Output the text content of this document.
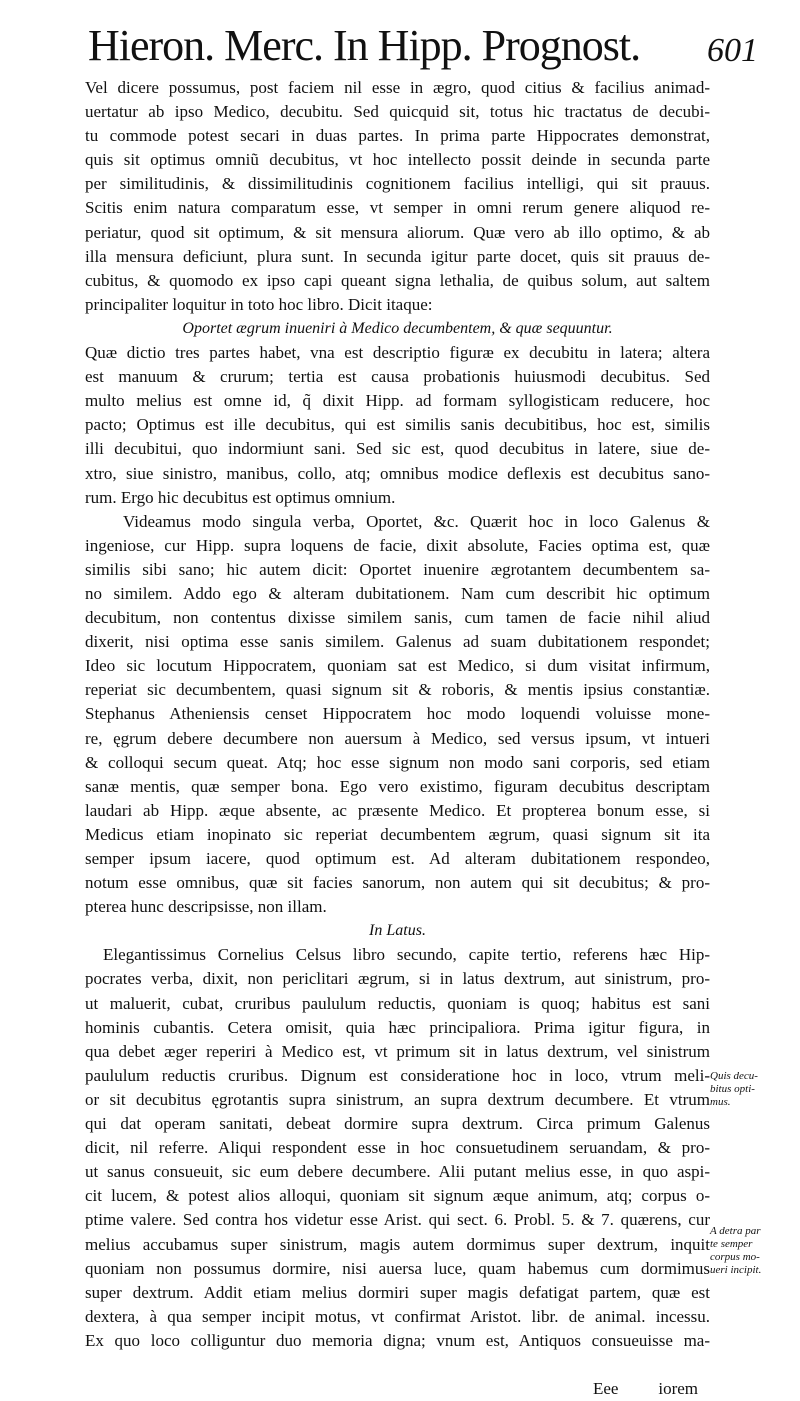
Hieron. Merc. In Hipp. Prognost. 601
Vel dicere possumus, post faciem nil esse in ægro, quod citius & facilius animad-
uertatur ab ipso Medico, decubitu. Sed quicquid sit, totus hic tractatus de decubi-
tu commode potest secari in duas partes. In prima parte Hippocrates demonstrat,
quis sit optimus omniũ decubitus, vt hoc intellecto possit deinde in secunda parte
per similitudinis, & dissimilitudinis cognitionem facilius intelligi, qui sit prauus.
Scitis enim natura comparatum esse, vt semper in omni rerum genere aliquod re-
periatur, quod sit optimum, & sit mensura aliorum. Quæ vero ab illo optimo, & ab
illa mensura deficiunt, plura sunt. In secunda igitur parte docet, quis sit prauus de-
cubitus, & quomodo ex ipso capi queant signa lethalia, de quibus solum, aut saltem
principaliter loquitur in toto hoc libro. Dicit itaque:
Oportet ægrum inueniri à Medico decumbentem, & quæ sequuntur.
Quæ dictio tres partes habet, vna est descriptio figuræ ex decubitu in latera; altera
est manuum & crurum; tertia est causa probationis huiusmodi decubitus. Sed
multo melius est omne id, q̃ dixit Hipp. ad formam syllogisticam reducere, hoc
pacto; Optimus est ille decubitus, qui est similis sanis decubitibus, hoc est, similis
illi decubitui, quo indormiunt sani. Sed sic est, quod decubitus in latere, siue de-
xtro, siue sinistro, manibus, collo, atq; omnibus modice deflexis est decubitus sano-
rum. Ergo hic decubitus est optimus omnium.
Videamus modo singula verba, Oportet, &c. Quærit hoc in loco Galenus &
ingeniose, cur Hipp. supra loquens de facie, dixit absolute, Facies optima est, quæ
similis sibi sano; hic autem dicit: Oportet inuenire ægrotantem decumbentem sa-
no similem. Addo ego & alteram dubitationem. Nam cum describit hic optimum
decubitum, non contentus dixisse similem sanis, cum tamen de facie nihil aliud
dixerit, nisi optima esse sanis similem. Galenus ad suam dubitationem respondet;
Ideo sic locutum Hippocratem, quoniam sat est Medico, si dum visitat infirmum,
reperiat sic decumbentem, quasi signum sit & roboris, & mentis ipsius constantiæ.
Stephanus Atheniensis censet Hippocratem hoc modo loquendi voluisse mone-
re, ęgrum debere decumbere non auersum à Medico, sed versus ipsum, vt intueri
& colloqui secum queat. Atq; hoc esse signum non modo sani corporis, sed etiam
sanæ mentis, quæ semper bona. Ego vero existimo, figuram decubitus descriptam
laudari ab Hipp. æque absente, ac præsente Medico. Et propterea bonum esse, si
Medicus etiam inopinato sic reperiat decumbentem ægrum, quasi signum sit ita
semper ipsum iacere, quod optimum est. Ad alteram dubitationem respondeo,
notum esse omnibus, quæ sit facies sanorum, non autem qui sit decubitus; & pro-
pterea hunc descripsisse, non illam.
In Latus.
Elegantissimus Cornelius Celsus libro secundo, capite tertio, referens hæc Hip-
pocrates verba, dixit, non periclitari ægrum, si in latus dextrum, aut sinistrum, pro-
ut maluerit, cubat, cruribus paululum reductis, quoniam is quoq; habitus est sani
hominis cubantis. Cetera omisit, quia hæc principaliora. Prima igitur figura, in
qua debet æger reperiri à Medico est, vt primum sit in latus dextrum, vel sinistrum
paululum reductis cruribus. Dignum est consideratione hoc in loco, vtrum meli-
or sit decubitus ęgrotantis supra sinistrum, an supra dextrum decumbere. Et vtrum
qui dat operam sanitati, debeat dormire supra dextrum. Circa primum Galenus
dicit, nil referre. Aliqui respondent esse in hoc consuetudinem seruandam, & pro-
ut sanus consueuit, sic eum debere decumbere. Alii putant melius esse, in quo aspi-
cit lucem, & potest alios alloqui, quoniam sit signum æque animum, atq; corpus o-
ptime valere. Sed contra hos videtur esse Arist. qui sect. 6. Probl. 5. & 7. quærens, cur
melius accubamus super sinistrum, magis autem dormimus super dextrum, inquit
quoniam non possumus dormire, nisi auersa luce, quam habemus cum dormimus
super dextrum. Addit etiam melius dormiri super magis defatigat partem, quæ est
dextera, à qua semper incipit motus, vt confirmat Aristot. libr. de animal. incessu.
Ex quo loco colliguntur duo memoria digna; vnum est, Antiquos consueuisse ma-
Eee iorem
Quis decu-
bitus opti-
mus.
A detra par
te semper
corpus mo-
ueri incipit.
